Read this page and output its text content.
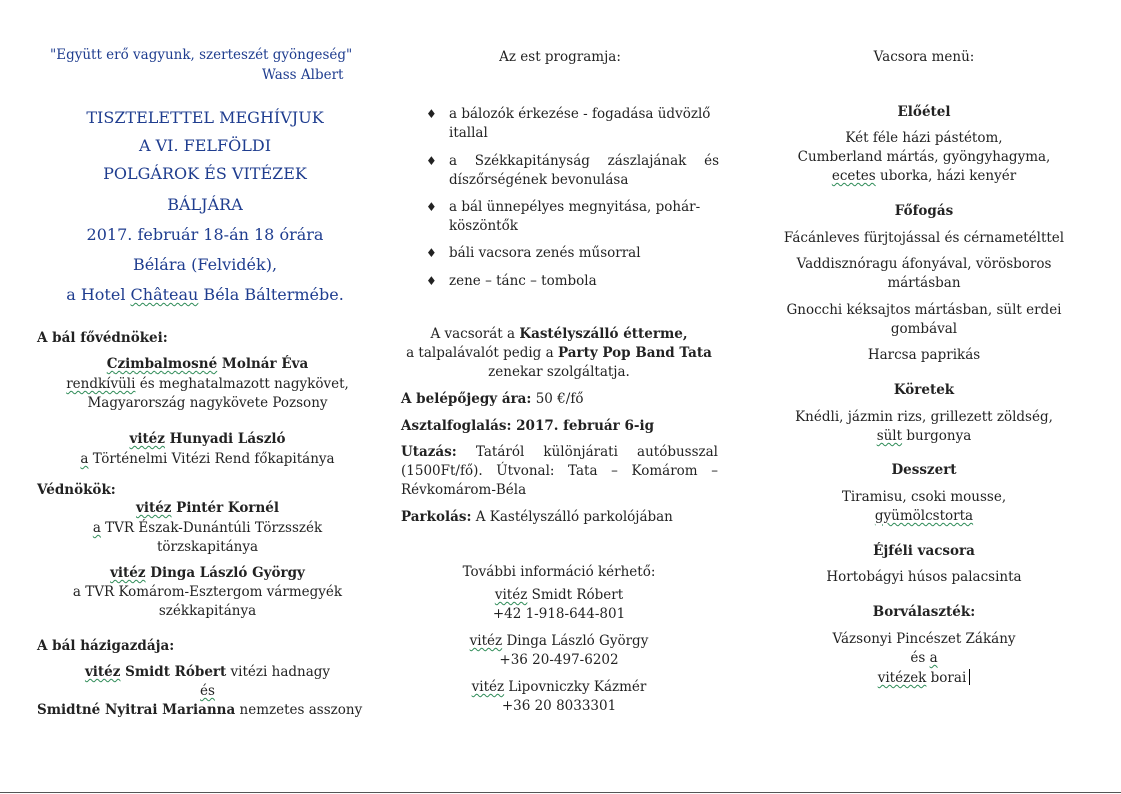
"Együtt erő vagyunk, szerteszét gyöngeség"
Wass Albert
TISZTELETTEL MEGHÍVJUK
A VI. FELFÖLDI
POLGÁROK ÉS VITÉZEK
BÁLJÁRA
2017. február 18-án 18 órára
Bélára (Felvidék),
a Hotel Château Béla Báltermébe.
A bál fővédnökei:
Czimbalmosné Molnár Éva
rendkívüli és meghatalmazott nagykövet,
Magyarország nagykövete Pozsony
vitéz Hunyadi László
a Történelmi Vitézi Rend főkapitánya
Védnökök:
vitéz Pintér Kornél
a TVR Észak-Dunántúli Törzsszék
törzskapitánya
vitéz Dinga László György
a TVR Komárom-Esztergom vármegyék
székkapitánya
A bál házigazdája:
vitéz Smidt Róbert vitézi hadnagy
és
Smidtné Nyitrai Marianna nemzetes asszony
Az est programja:
♦ a bálozók érkezése - fogadása üdvözlő itallal
♦ a Székkapitányság zászlajának és díszőrségének bevonulása
♦ a bál ünnepélyes megnyitása, pohár-köszöntők
♦ báli vacsora zenés műsorral
♦ zene – tánc – tombola
A vacsorát a Kastélyszálló étterme,
a talpalávalót pedig a Party Pop Band Tata
zenekar szolgáltatja.
A belépőjegy ára: 50 €/fő
Asztalfoglalás: 2017. február 6-ig
Utazás: Tatáról különjárati autóbusszal (1500Ft/fő). Útvonal: Tata – Komárom – Révkomárom-Béla
Parkolás: A Kastélyszálló parkolójában
További információ kérhető:
vitéz Smidt Róbert
+42 1-918-644-801
vitéz Dinga László György
+36 20-497-6202
vitéz Lipovniczky Kázmér
+36 20 8033301
Vacsora menü:
Előétel
Két féle házi pástétom,
Cumberland mártás, gyöngyhagyma,
ecetes uborka, házi kenyér
Főfogás
Fácánleves fürjtojással és cérnametélttel
Vaddisznóragu áfonyával, vörösboros
mártásban
Gnocchi kéksajtos mártásban, sült erdei
gombával
Harcsa paprikás
Köretek
Knédli, jázmin rizs, grillezett zöldség,
sült burgonya
Desszert
Tiramisu, csoki mousse,
gyümölcstorta
Éjféli vacsora
Hortobágyi húsos palacsinta
Borválaszték:
Vázsonyi Pincészet Zákány
és a
vitézek borai
